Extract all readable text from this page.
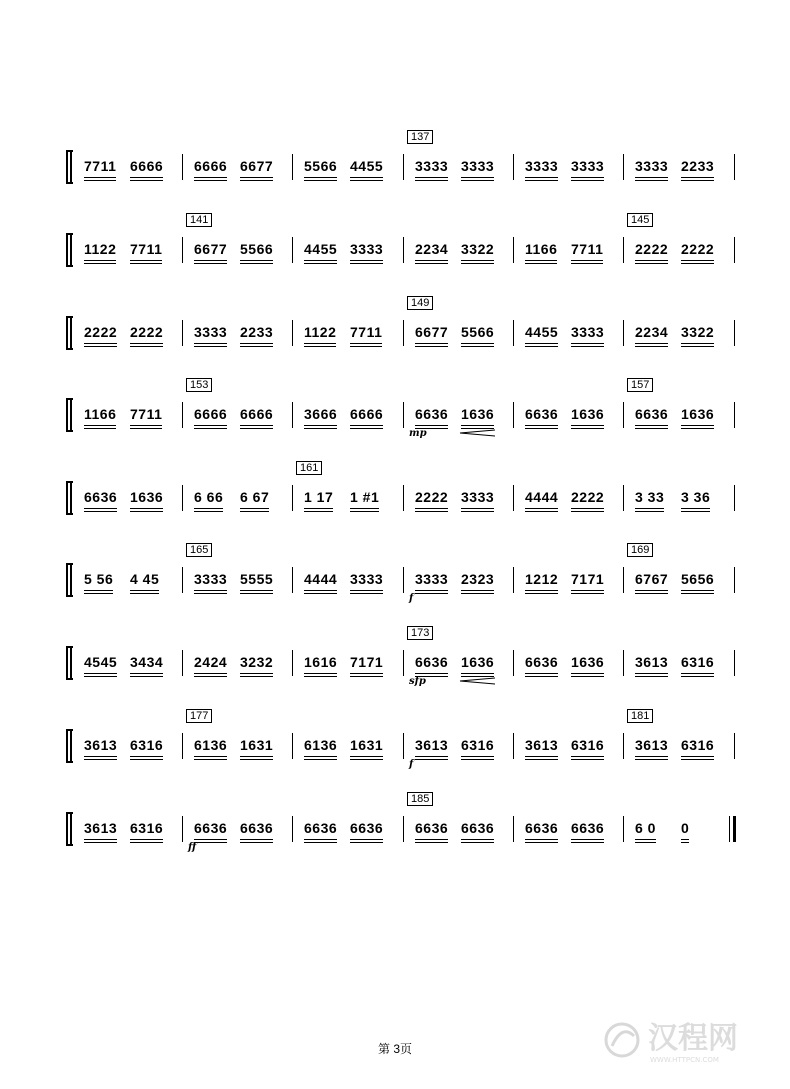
7711 6666 6666 6677 5566 4455 3333 3333 3333 3333 3333 2233
137
1122 7711 6677 5566 4455 3333 2234 3322 1166 7711 2222 2222
141	145
2222 2222 3333 2233 1122 7711 6677 5566 4455 3333 2234 3322
149
1166 7711 6666 6666 3666 6666 6636 1636 6636 1636 6636 1636
153	157
mp
6636 1636 6 66 6 67 1 17 1 #1	2222 3333 4444 2222 3 33 3 36
161
5 56 4 45 3333 5555 4444 3333 3333 2323 1212 7171 6767 5656
165	169
f
4545 3434 2424 3232 1616 7171 6636 1636 6636 1636 3613 6316
173
sfp
3613 6316 6136 1631 6136 1631 3613 6316 3613 6316 3613 6316
177	181
f
3613 6316 6636 6636 6636 6636 6636 6636 6636 6636 6 0 0
185
ff
第 3页	汉程网
WWW.HTTPCN.COM
